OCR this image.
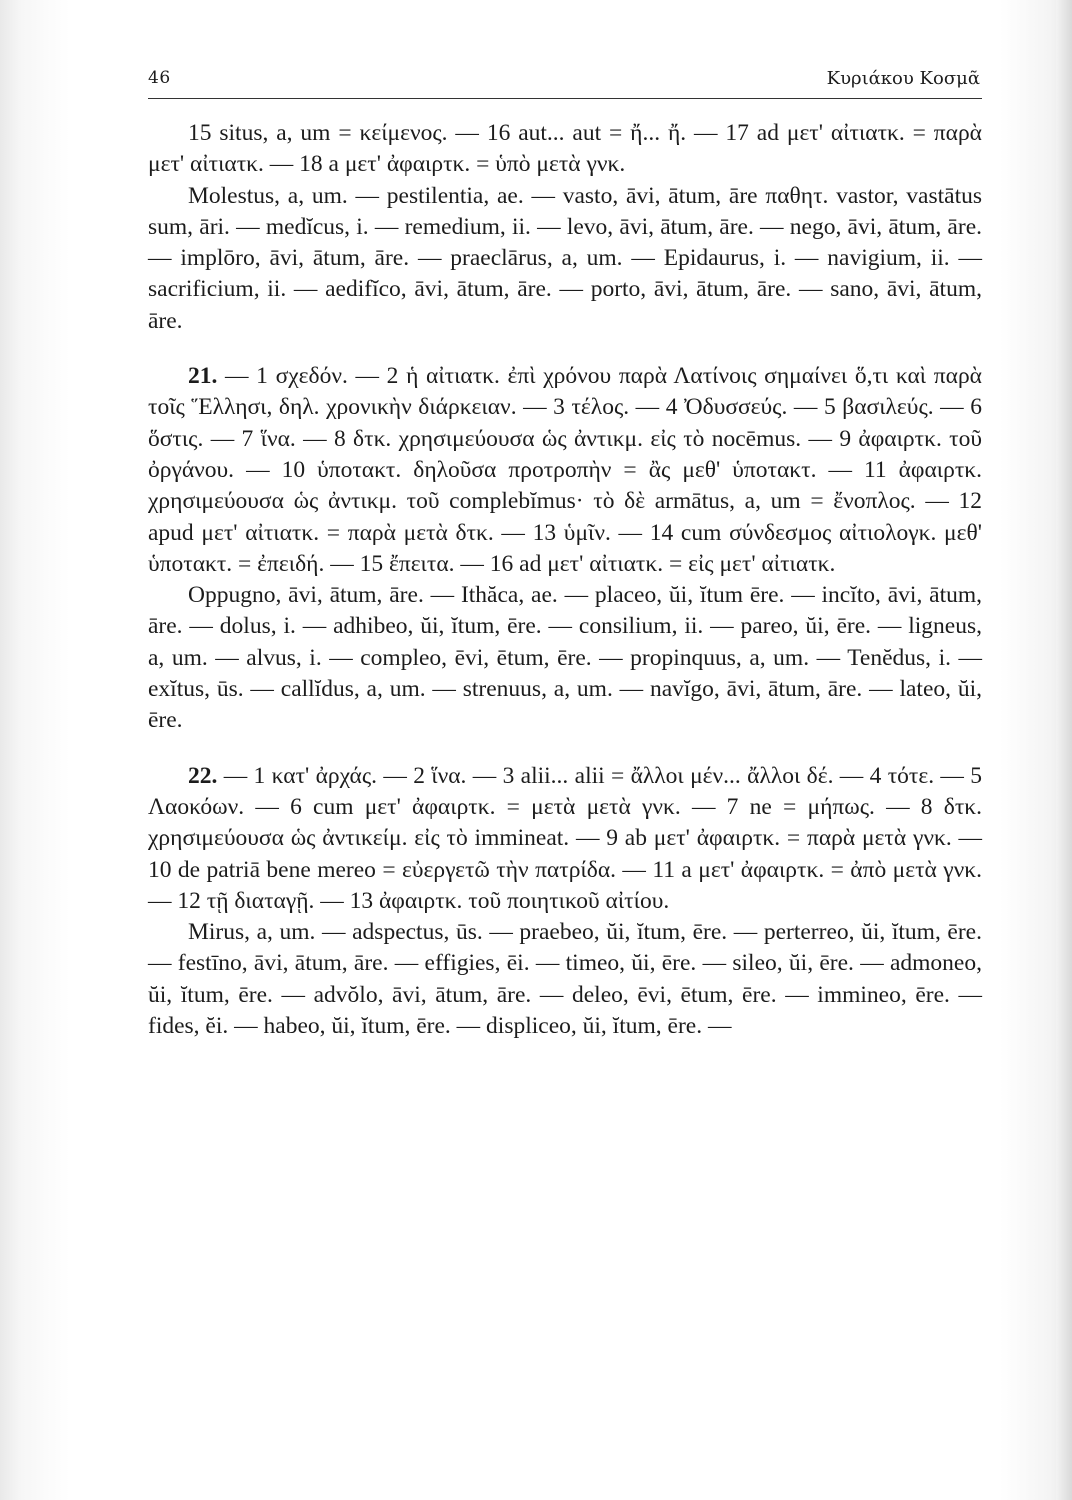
46	Κυριάκου Κοσμᾶ

15 situs, a, um = κείμενος. — 16 aut... aut = ἤ... ἤ. — 17 ad μετ' αἰτιατκ. = παρὰ μετ' αἰτιατκ. — 18 a μετ' ἀφαιρτκ. = ὑπὸ μετὰ γνκ.

Molestus, a, um. — pestilentia, ae. — vasto, āvi, ātum, āre παθητ. vastor, vastātus sum, āri. — medĭcus, i. — remedium, ii. — levo, āvi, ātum, āre. — nego, āvi, ātum, āre. — implōro, āvi, ātum, āre. — praeclārus, a, um. — Epidaurus, i. — navigium, ii. — sacrificium, ii. — aedifĭco, āvi, ātum, āre. — porto, āvi, ātum, āre. — sano, āvi, ātum, āre.

21. — 1 σχεδόν. — 2 ἡ αἰτιατκ. ἐπὶ χρόνου παρὰ Λατίνοις σημαίνει ὅ,τι καὶ παρὰ τοῖς Ἕλλησι, δηλ. χρονικὴν διάρκειαν. — 3 τέλος. — 4 Ὀδυσσεύς. — 5 βασιλεύς. — 6 ὅστις. — 7 ἵνα. — 8 δτκ. χρησιμεύουσα ὡς ἀντικμ. εἰς τὸ nocēmus. — 9 ἀφαιρτκ. τοῦ ὀργάνου. — 10 ὑποτακτ. δηλοῦσα προτροπὴν = ἂς μεθ' ὑποτακτ. — 11 ἀφαιρτκ. χρησιμεύουσα ὡς ἀντικμ. τοῦ complebĭmus· τὸ δὲ armātus, a, um = ἔνοπλος. — 12 apud μετ' αἰτιατκ. = παρὰ μετὰ δτκ. — 13 ὑμῖν. — 14 cum σύνδεσμος αἰτιολογκ. μεθ' ὑποτακτ. = ἐπειδή. — 15 ἔπειτα. — 16 ad μετ' αἰτιατκ. = εἰς μετ' αἰτιατκ.

Oppugno, āvi, ātum, āre. — Ithăca, ae. — placeo, ŭi, ĭtum ēre. — incĭto, āvi, ātum, āre. — dolus, i. — adhibeo, ŭi, ĭtum, ēre. — consilium, ii. — pareo, ŭi, ēre. — ligneus, a, um. — alvus, i. — compleo, ēvi, ētum, ēre. — propinquus, a, um. — Tenĕdus, i. — exĭtus, ūs. — callĭdus, a, um. — strenuus, a, um. — navĭgo, āvi, ātum, āre. — lateo, ŭi, ēre.

22. — 1 κατ' ἀρχάς. — 2 ἵνα. — 3 alii... alii = ἄλλοι μέν... ἄλλοι δέ. — 4 τότε. — 5 Λαοκόων. — 6 cum μετ' ἀφαιρτκ. = μετὰ μετὰ γνκ. — 7 ne = μήπως. — 8 δτκ. χρησιμεύουσα ὡς ἀντικείμ. εἰς τὸ immineat. — 9 ab μετ' ἀφαιρτκ. = παρὰ μετὰ γνκ. — 10 de patriā bene mereo = εὐεργετῶ τὴν πατρίδα. — 11 a μετ' ἀφαιρτκ. = ἀπὸ μετὰ γνκ. — 12 τῇ διαταγῇ. — 13 ἀφαιρτκ. τοῦ ποιητικοῦ αἰτίου.

Mirus, a, um. — adspectus, ūs. — praebeo, ŭi, ĭtum, ēre. — perterreo, ŭi, ĭtum, ēre. — festīno, āvi, ātum, āre. — effigies, ēi. — timeo, ŭi, ēre. — sileo, ŭi, ēre. — admoneo, ŭi, ĭtum, ēre. — advŏlo, āvi, ātum, āre. — deleo, ēvi, ētum, ēre. — immineo, ēre. — fides, ĕi. — habeo, ŭi, ĭtum, ēre. — displiceo, ŭi, ĭtum, ēre. —
